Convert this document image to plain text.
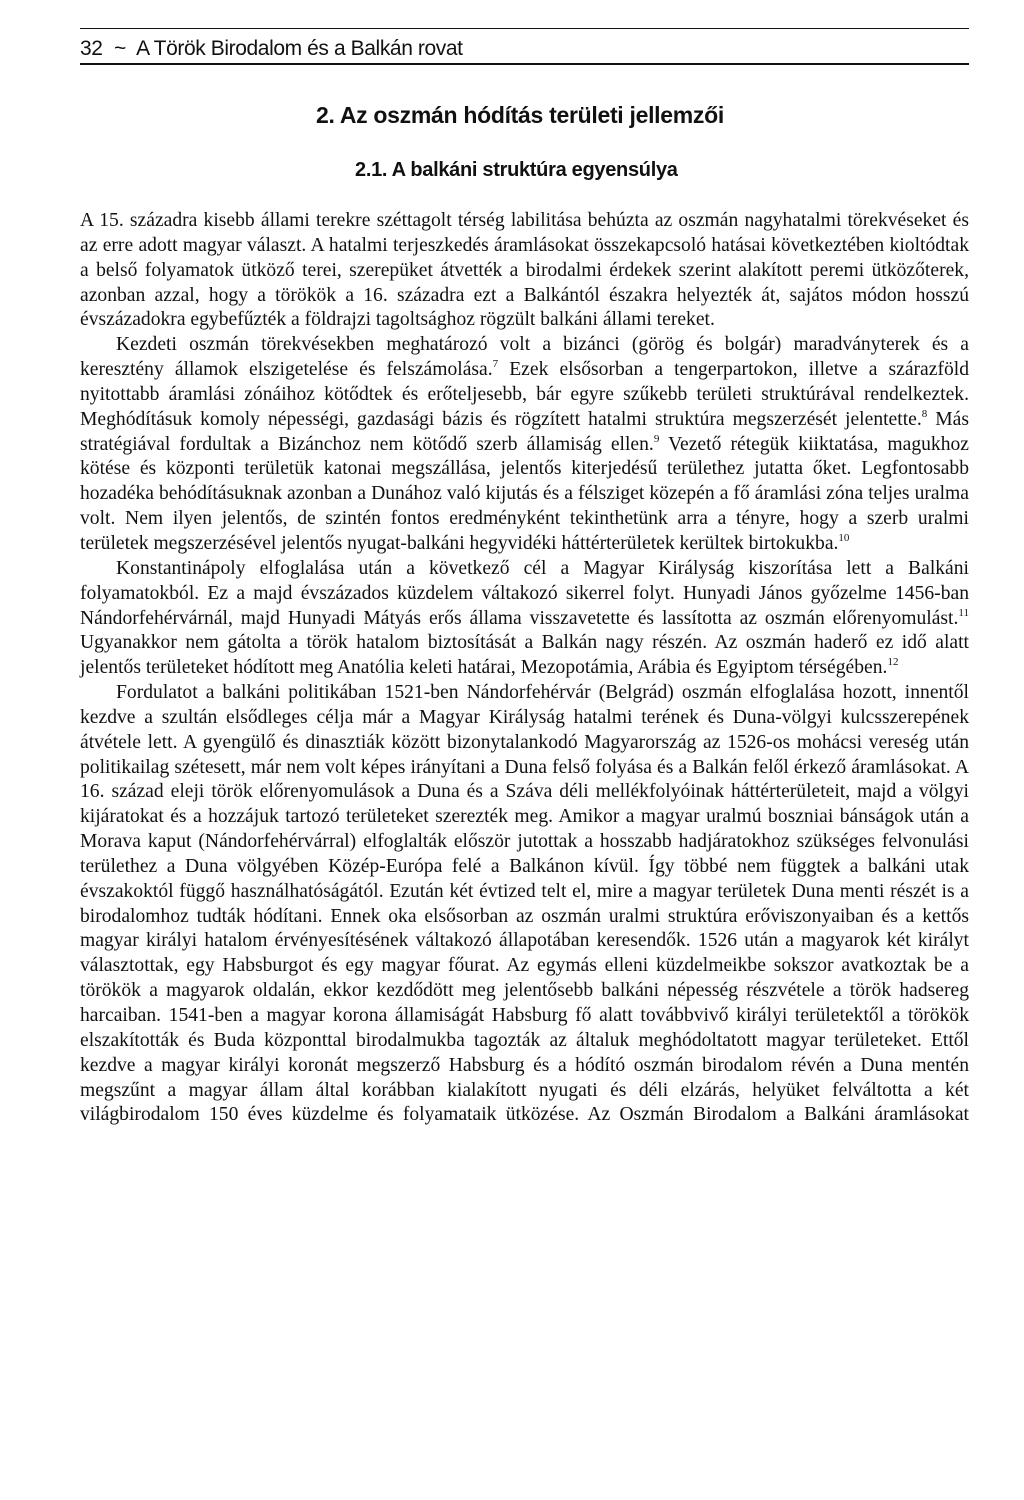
32 ~ A Török Birodalom és a Balkán rovat
2. Az oszmán hódítás területi jellemzői
2.1. A balkáni struktúra egyensúlya

A 15. századra kisebb állami terekre széttagolt térség labilitása behúzta az oszmán nagyhatalmi törekvéseket és az erre adott magyar választ. A hatalmi terjeszkedés áramlásokat összekapcsoló hatásai következtében kioltódtak a belső folyamatok ütköző terei, szerepüket átvették a birodalmi érdekek szerint alakított peremi ütközőterek, azonban azzal, hogy a törökök a 16. századra ezt a Balkántól északra helyezték át, sajátos módon hosszú évszázadokra egybefűzték a földrajzi tagoltsághoz rögzült balkáni állami tereket.

Kezdeti oszmán törekvésekben meghatározó volt a bizánci (görög és bolgár) maradványterek és a keresztény államok elszigetelése és felszámolása.$^7$ Ezek elsősorban a tengerpartokon, illetve a szárazföld nyitottabb áramlási zónáihoz kötődtek és erőteljesebb, bár egyre szűkebb területi struktúrával rendelkeztek. Meghódításuk komoly népességi, gazdasági bázis és rögzített hatalmi struktúra megszerzését jelentette.$^8$ Más stratégiával fordultak a Bizánchoz nem kötődő szerb államiság ellen.$^9$ Vezető rétegük kiiktatása, magukhoz kötése és központi területük katonai megszállása, jelentős kiterjedésű területhez jutatta őket. Legfontosabb hozadéka behódításuknak azonban a Dunához való kijutás és a félsziget közepén a fő áramlási zóna teljes uralma volt. Nem ilyen jelentős, de szintén fontos eredményként tekinthetünk arra a tényre, hogy a szerb uralmi területek megszerzésével jelentős nyugat-balkáni hegyvidéki háttérterületek kerültek birtokukba.$^{10}$

Konstantinápoly elfoglalása után a következő cél a Magyar Királyság kiszorítása lett a Balkáni folyamatokból. Ez a majd évszázados küzdelem váltakozó sikerrel folyt. Hunyadi János győzelme 1456-ban Nándorfehérvárnál, majd Hunyadi Mátyás erős állama visszavetette és lassította az oszmán előrenyomulást.$^{11}$ Ugyanakkor nem gátolta a török hatalom biztosítását a Balkán nagy részén. Az oszmán haderő ez idő alatt jelentős területeket hódított meg Anatólia keleti határai, Mezopotámia, Arábia és Egyiptom térségében.$^{12}$

Fordulatot a balkáni politikában 1521-ben Nándorfehérvár (Belgrád) oszmán elfoglalása hozott, innentől kezdve a szultán elsődleges célja már a Magyar Királyság hatalmi terének és Duna-völgyi kulcsszerepének átvétele lett. A gyengülő és dinasztiák között bizonytalankodó Magyarország az 1526-os mohácsi vereség után politikailag szétesett, már nem volt képes irányítani a Duna felső folyása és a Balkán felől érkező áramlásokat. A 16. század eleji török előrenyomulások a Duna és a Száva déli mellékfolyóinak háttérterületeit, majd a völgyi kijáratokat és a hozzájuk tartozó területeket szerezték meg. Amikor a magyar uralmú boszniai bánságok után a Morava kaput (Nándorfehérvárral) elfoglalták először jutottak a hosszabb hadjáratokhoz szükséges felvonulási területhez a Duna völgyében Közép-Európa felé a Balkánon kívül. Így többé nem függtek a balkáni utak évszakoktól függő használhatóságától. Ezután két évtized telt el, mire a magyar területek Duna menti részét is a birodalomhoz tudták hódítani. Ennek oka elsősorban az oszmán uralmi struktúra erőviszonyaiban és a kettős magyar királyi hatalom érvényesítésének váltakozó állapotában keresendők. 1526 után a magyarok két királyt választottak, egy Habsburgot és egy magyar főurat. Az egymás elleni küzdelmeikbe sokszor avatkoztak be a törökök a magyarok oldalán, ekkor kezdődött meg jelentősebb balkáni népesség részvétele a török hadsereg harcaiban. 1541-ben a magyar korona államiságát Habsburg fő alatt továbbvivő királyi területektől a törökök elszakították és Buda központtal birodalmukba tagozták az általuk meghódoltatott magyar területeket. Ettől kezdve a magyar királyi koronát megszerző Habsburg és a hódító oszmán birodalom révén a Duna mentén megszűnt a magyar állam által korábban kialakított nyugati és déli elzárás, helyüket felváltotta a két világbirodalom 150 éves küzdelme és folyamataik ütközése. Az Oszmán Birodalom a Balkáni áramlásokat
